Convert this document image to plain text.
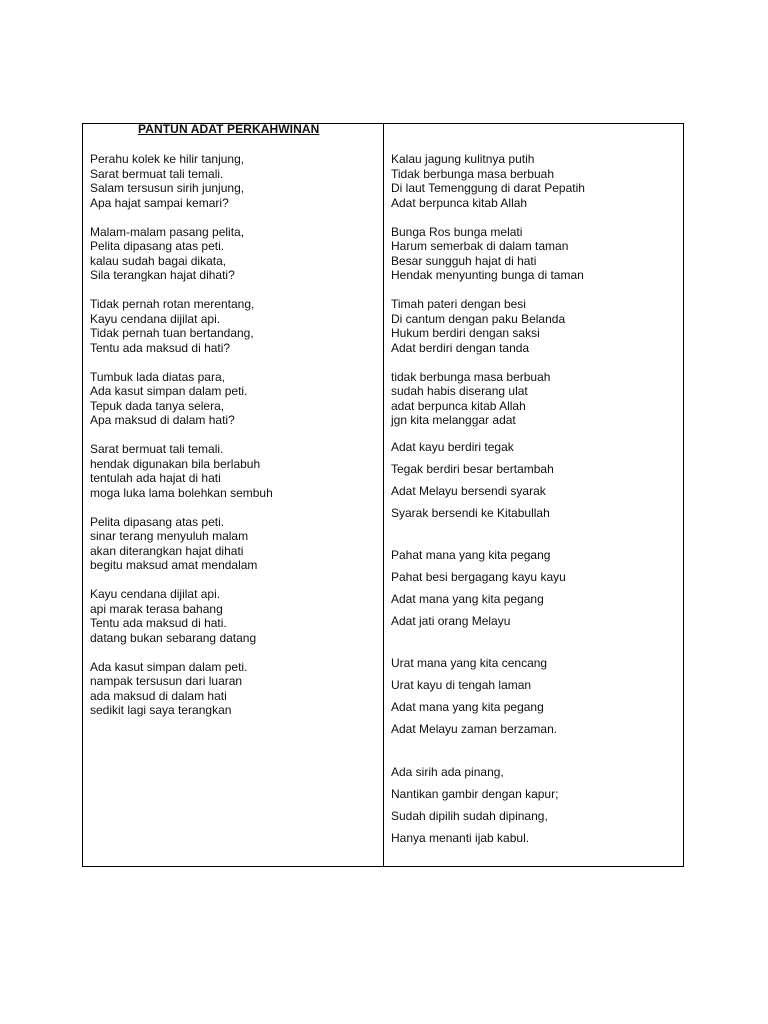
PANTUN ADAT PERKAHWINAN
Perahu kolek ke hilir tanjung,
Sarat bermuat tali temali.
Salam tersusun sirih junjung,
Apa hajat sampai kemari?
Malam-malam pasang pelita,
Pelita dipasang atas peti.
kalau sudah bagai dikata,
Sila terangkan hajat dihati?
Tidak pernah rotan merentang,
Kayu cendana dijilat api.
Tidak pernah tuan bertandang,
Tentu ada maksud di hati?
Tumbuk lada diatas para,
Ada kasut simpan dalam peti.
Tepuk dada tanya selera,
Apa maksud di dalam hati?
Sarat bermuat tali temali.
hendak digunakan bila berlabuh
tentulah ada hajat di hati
moga luka lama bolehkan sembuh
Pelita dipasang atas peti.
sinar terang menyuluh malam
akan diterangkan hajat dihati
begitu maksud amat mendalam
Kayu cendana dijilat api.
api marak terasa bahang
Tentu ada maksud di hati.
datang bukan sebarang datang
Ada kasut simpan dalam peti.
nampak tersusun dari luaran
ada maksud di dalam hati
sedikit lagi saya terangkan
Kalau jagung kulitnya putih
Tidak berbunga masa berbuah
Di laut Temenggung di darat Pepatih
Adat berpunca kitab Allah
Bunga Ros bunga melati
Harum semerbak di dalam taman
Besar sungguh hajat di hati
Hendak menyunting bunga di taman
Timah pateri dengan besi
Di cantum dengan paku Belanda
Hukum berdiri dengan saksi
Adat berdiri dengan tanda
tidak berbunga masa berbuah
sudah habis diserang ulat
adat berpunca kitab Allah
jgn kita melanggar adat
Adat kayu berdiri tegak
Tegak berdiri besar bertambah
Adat Melayu bersendi syarak
Syarak bersendi ke Kitabullah
Pahat mana yang kita pegang
Pahat besi bergagang kayu kayu
Adat mana yang kita pegang
Adat jati orang Melayu
Urat mana yang kita cencang
Urat kayu di tengah laman
Adat mana yang kita pegang
Adat Melayu zaman berzaman.
Ada sirih ada pinang,
Nantikan gambir dengan kapur;
Sudah dipilih sudah dipinang,
Hanya menanti ijab kabul.
